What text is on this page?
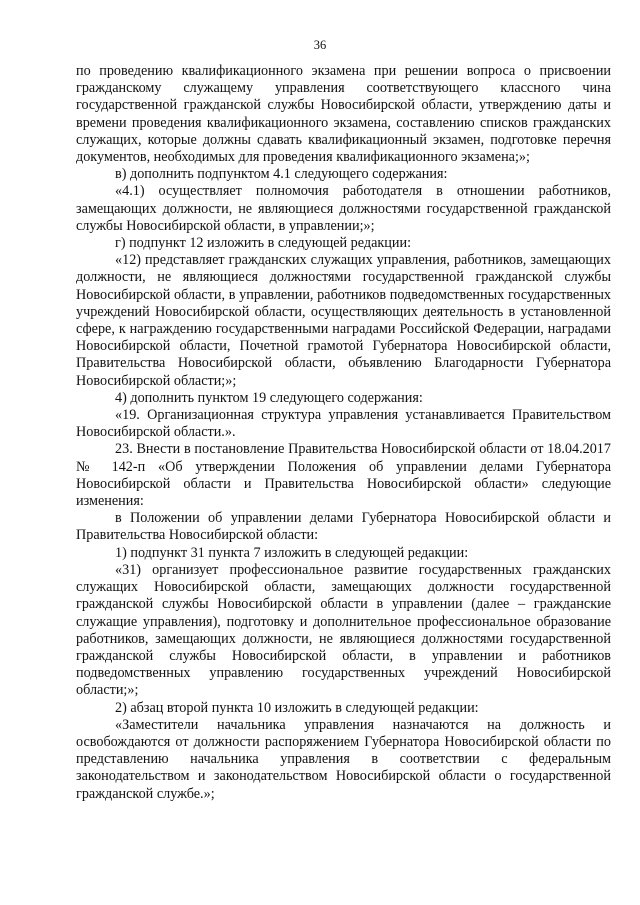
36

по проведению квалификационного экзамена при решении вопроса о присвоении гражданскому служащему управления соответствующего классного чина государственной гражданской службы Новосибирской области, утверждению даты и времени проведения квалификационного экзамена, составлению списков гражданских служащих, которые должны сдавать квалификационный экзамен, подготовке перечня документов, необходимых для проведения квалификационного экзамена;»;

в) дополнить подпунктом 4.1 следующего содержания:

«4.1) осуществляет полномочия работодателя в отношении работников, замещающих должности, не являющиеся должностями государственной гражданской службы Новосибирской области, в управлении;»;

г) подпункт 12 изложить в следующей редакции:

«12) представляет гражданских служащих управления, работников, замещающих должности, не являющиеся должностями государственной гражданской службы Новосибирской области, в управлении, работников подведомственных государственных учреждений Новосибирской области, осуществляющих деятельность в установленной сфере, к награждению государственными наградами Российской Федерации, наградами Новосибирской области, Почетной грамотой Губернатора Новосибирской области, Правительства Новосибирской области, объявлению Благодарности Губернатора Новосибирской области;»;

4) дополнить пунктом 19 следующего содержания:

«19. Организационная структура управления устанавливается Правительством Новосибирской области.».

23. Внести в постановление Правительства Новосибирской области от 18.04.2017 № 142-п «Об утверждении Положения об управлении делами Губернатора Новосибирской области и Правительства Новосибирской области» следующие изменения:

в Положении об управлении делами Губернатора Новосибирской области и Правительства Новосибирской области:

1) подпункт 31 пункта 7 изложить в следующей редакции:

«31) организует профессиональное развитие государственных гражданских служащих Новосибирской области, замещающих должности государственной гражданской службы Новосибирской области в управлении (далее – гражданские служащие управления), подготовку и дополнительное профессиональное образование работников, замещающих должности, не являющиеся должностями государственной гражданской службы Новосибирской области, в управлении и работников подведомственных управлению государственных учреждений Новосибирской области;»;

2) абзац второй пункта 10 изложить в следующей редакции:

«Заместители начальника управления назначаются на должность и освобождаются от должности распоряжением Губернатора Новосибирской области по представлению начальника управления в соответствии с федеральным законодательством и законодательством Новосибирской области о государственной гражданской службе.»;
